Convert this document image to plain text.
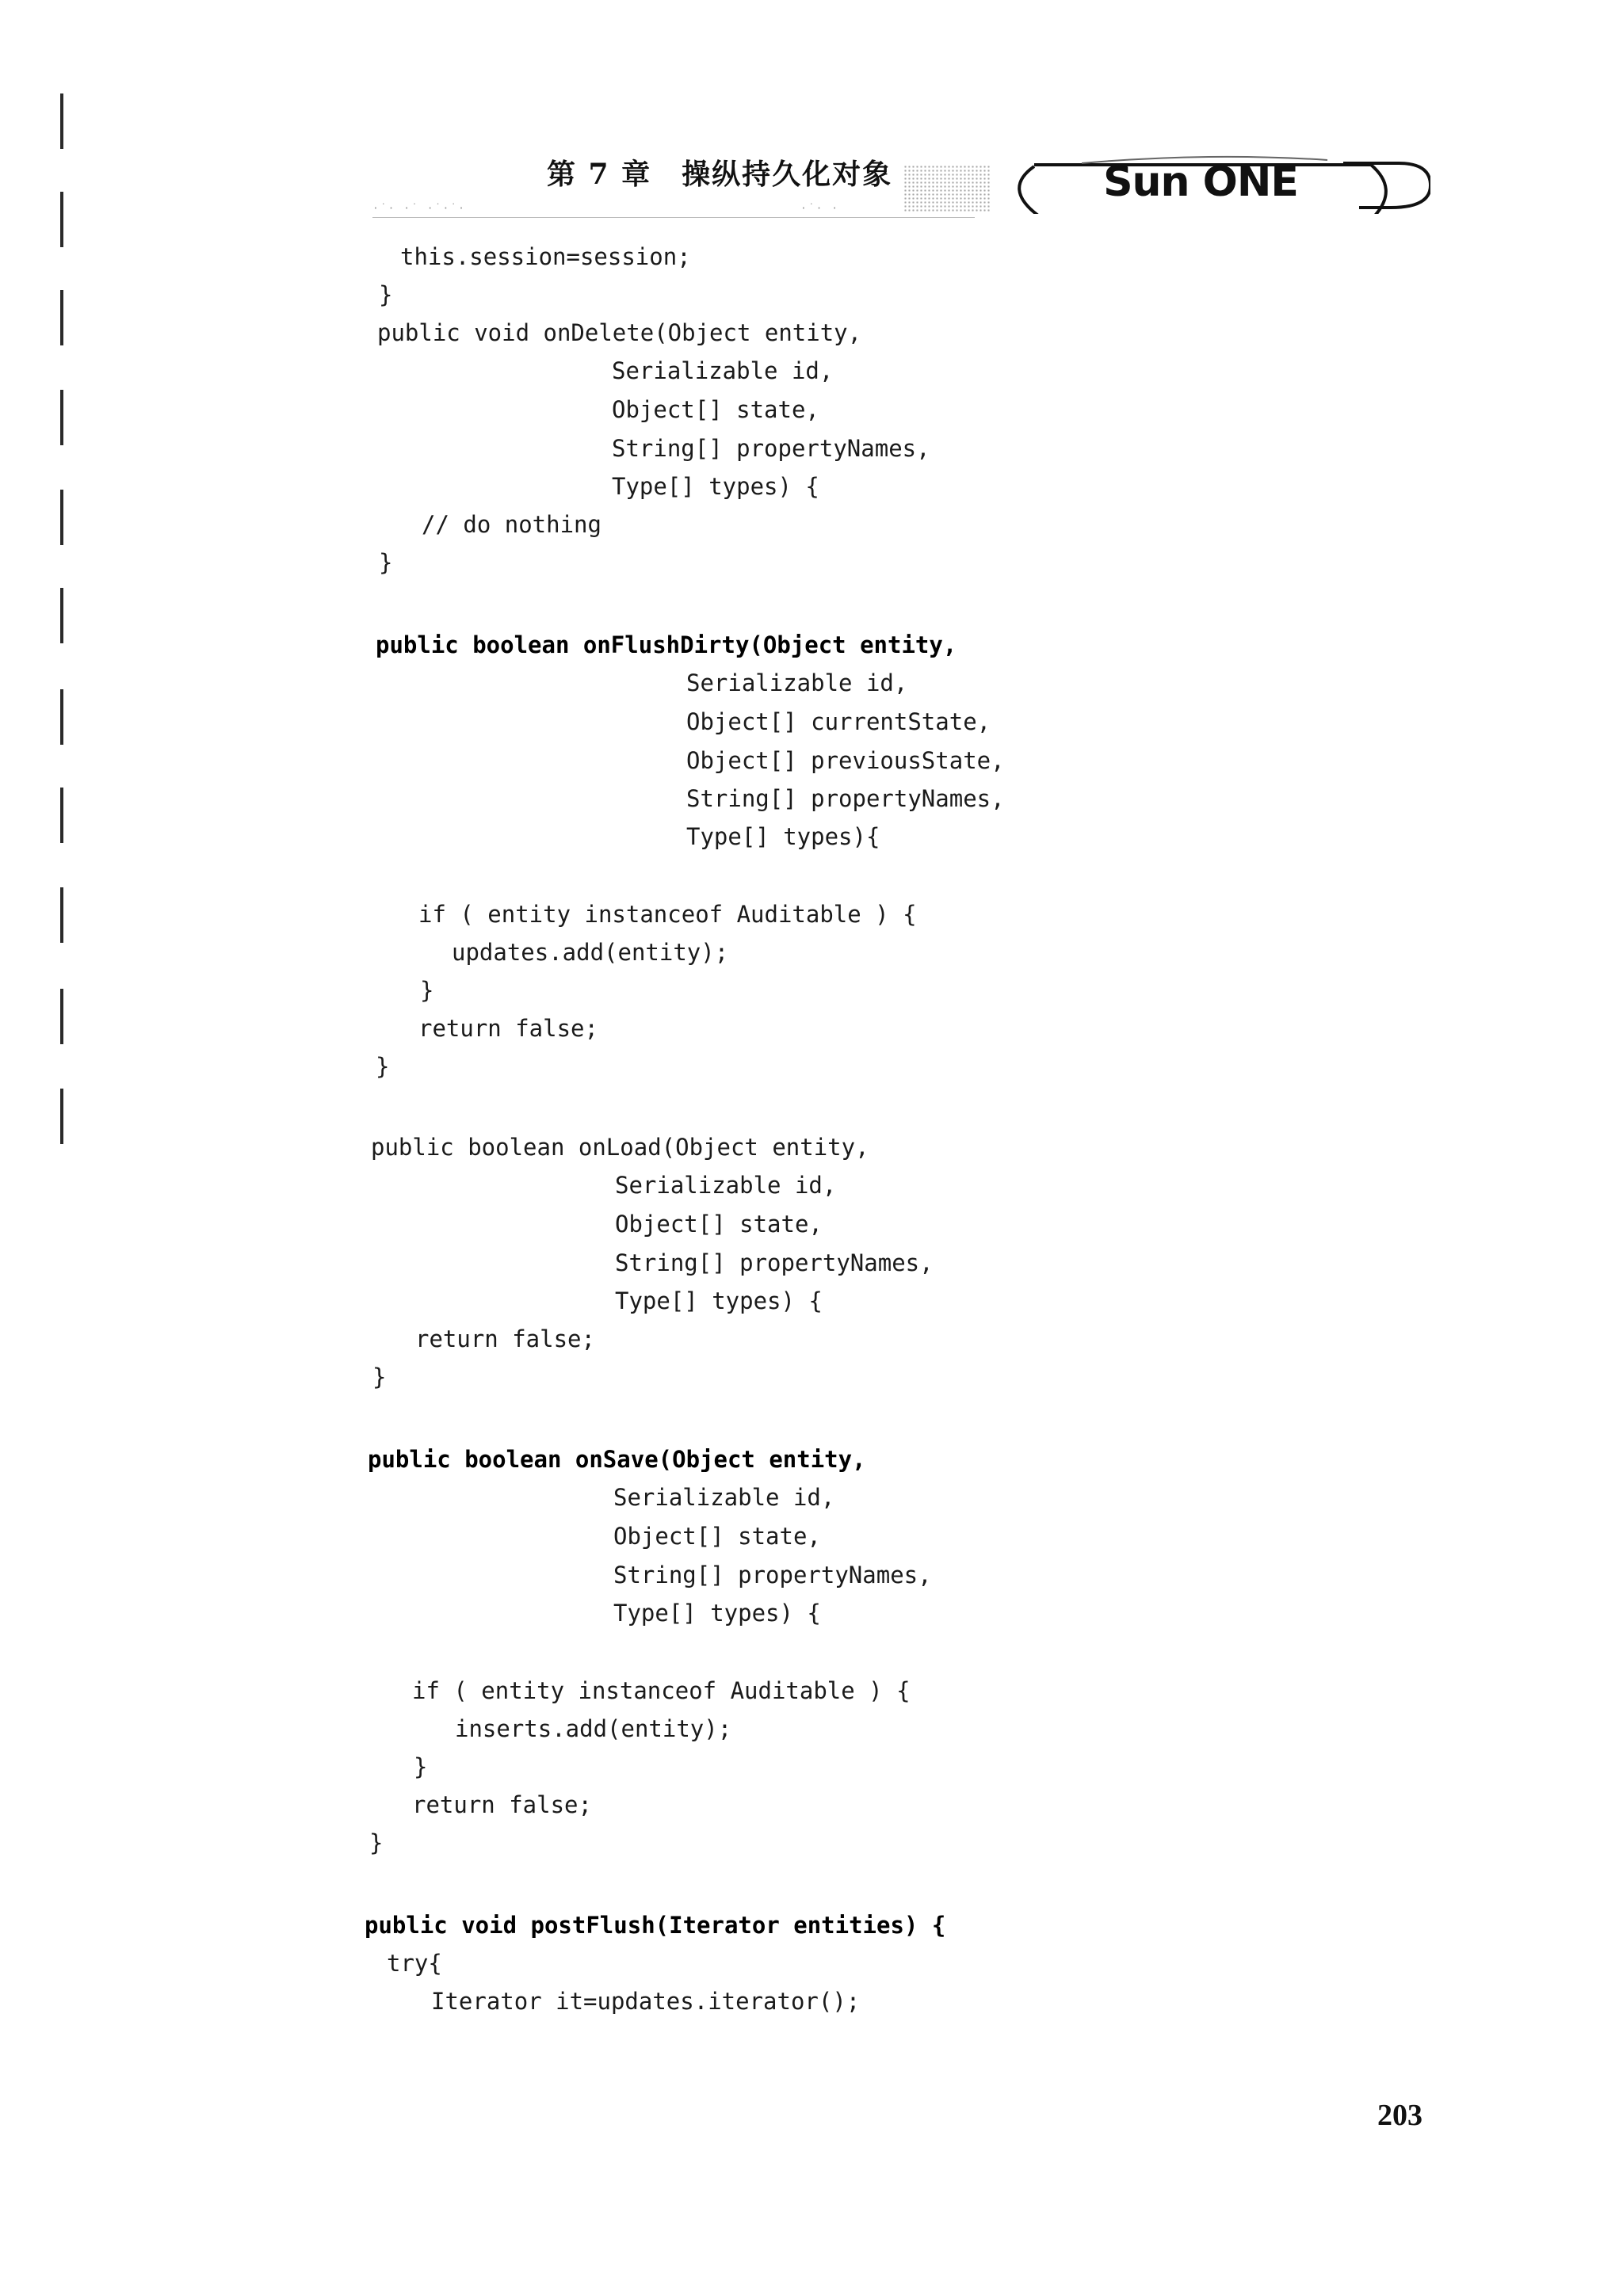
第 7 章　操纵持久化对象
·˙· ·˙ ·˙·˙·	·˙· ·
Sun ONE
this.session=session;
}
public void onDelete(Object entity,
Serializable id,
Object[] state,
String[] propertyNames,
Type[] types) {
// do nothing
}
public boolean onFlushDirty(Object entity,
Serializable id,
Object[] currentState,
Object[] previousState,
String[] propertyNames,
Type[] types){
if ( entity instanceof Auditable ) {
updates.add(entity);
}
return false;
}
public boolean onLoad(Object entity,
Serializable id,
Object[] state,
String[] propertyNames,
Type[] types) {
return false;
}
public boolean onSave(Object entity,
Serializable id,
Object[] state,
String[] propertyNames,
Type[] types) {
if ( entity instanceof Auditable ) {
inserts.add(entity);
}
return false;
}
public void postFlush(Iterator entities) {
try{
Iterator it=updates.iterator();
203
